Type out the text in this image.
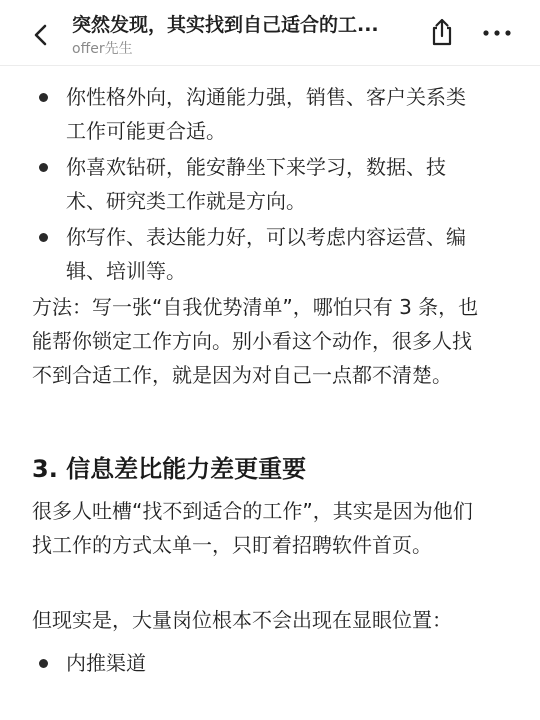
突然发现，其实找到自己适合的工...
offer先生
你性格外向，沟通能力强，销售、客户关系类
工作可能更合适。
你喜欢钻研，能安静坐下来学习，数据、技
术、研究类工作就是方向。
你写作、表达能力好，可以考虑内容运营、编
辑、培训等。
方法：写一张“自我优势清单”，哪怕只有 3 条，也
能帮你锁定工作方向。别小看这个动作，很多人找
不到合适工作，就是因为对自己一点都不清楚。
3. 信息差比能力差更重要
很多人吐槽“找不到适合的工作”，其实是因为他们
找工作的方式太单一，只盯着招聘软件首页。
但现实是，大量岗位根本不会出现在显眼位置：
内推渠道
